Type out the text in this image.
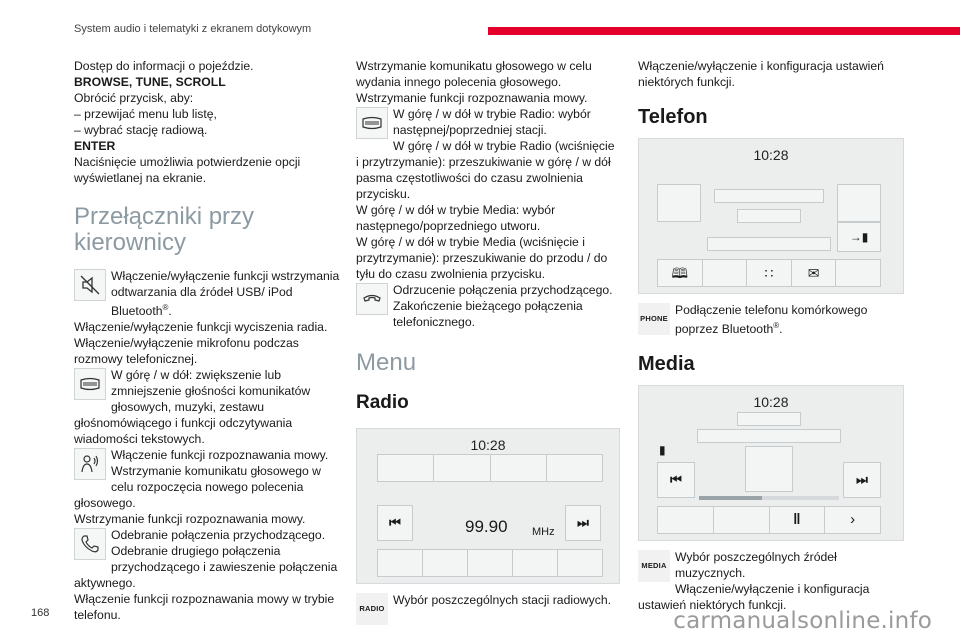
System audio i telematyki z ekranem dotykowym

Dostęp do informacji o pojeździe.

BROWSE, TUNE, SCROLL

Obrócić przycisk, aby:

– przewijać menu lub listę,

– wybrać stację radiową.

ENTER

Naciśnięcie umożliwia potwierdzenie opcji wyświetlanej na ekranie.

Przełączniki przy kierownicy

Włączenie/wyłączenie funkcji wstrzymania odtwarzania dla źródeł USB/ iPod Bluetooth®.

Włączenie/wyłączenie funkcji wyciszenia radia.

Włączenie/wyłączenie mikrofonu podczas rozmowy telefonicznej.

W górę / w dół: zwiększenie lub zmniejszenie głośności komunikatów głosowych, muzyki, zestawu głośnomówiącego i funkcji odczytywania wiadomości tekstowych.

Włączenie funkcji rozpoznawania mowy.

Wstrzymanie komunikatu głosowego w celu rozpoczęcia nowego polecenia głosowego.

Wstrzymanie funkcji rozpoznawania mowy.

Odebranie połączenia przychodzącego.

Odebranie drugiego połączenia przychodzącego i zawieszenie połączenia aktywnego.

Włączenie funkcji rozpoznawania mowy w trybie telefonu.

Wstrzymanie komunikatu głosowego w celu wydania innego polecenia głosowego.

Wstrzymanie funkcji rozpoznawania mowy.

W górę / w dół w trybie Radio: wybór następnej/poprzedniej stacji.

W górę / w dół w trybie Radio (wciśnięcie i przytrzymanie): przeszukiwanie w górę / w dół pasma częstotliwości do czasu zwolnienia przycisku.

W górę / w dół w trybie Media: wybór następnego/poprzedniego utworu.

W górę / w dół w trybie Media (wciśnięcie i przytrzymanie): przeszukiwanie do przodu / do tyłu do czasu zwolnienia przycisku.

Odrzucenie połączenia przychodzącego.

Zakończenie bieżącego połączenia telefonicznego.

Menu
Radio
10:28
⏮	⏭
99.90 MHz
RADIO

Wybór poszczególnych stacji radiowych.

Włączenie/wyłączenie i konfiguracja ustawień niektórych funkcji.

Telefon
10:28
→▮
🕮	∷ ✉
PHONE

Podłączenie telefonu komórkowego poprzez Bluetooth®.

Media
10:28
▮
⏮	⏭
‖	›
MEDIA

Wybór poszczególnych źródeł muzycznych.

Włączenie/wyłączenie i konfiguracja ustawień niektórych funkcji.

168	carmanualsonline.info
